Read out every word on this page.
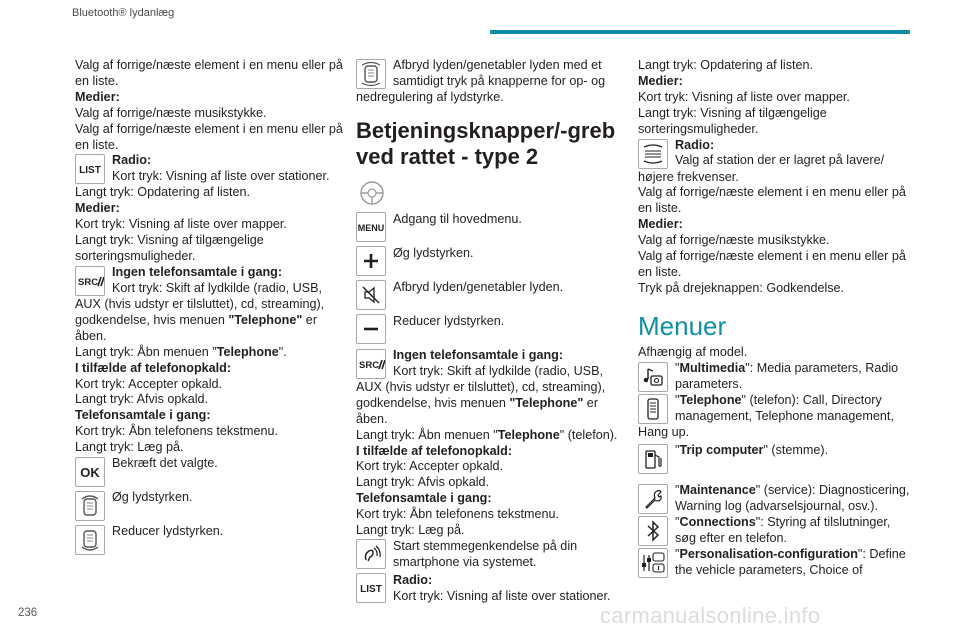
Bluetooth® lydanlæg
236	carmanualsonline.info

Valg af forrige/næste element i en menu eller på

en liste.

Medier:

Valg af forrige/næste musikstykke.

Valg af forrige/næste element i en menu eller på

en liste.

LIST

Radio:

Kort tryk: Visning af liste over stationer.

Langt tryk: Opdatering af listen.

Medier:

Kort tryk: Visning af liste over mapper.

Langt tryk: Visning af tilgængelige

sorteringsmuligheder.

SRC

Ingen telefonsamtale i gang:

Kort tryk: Skift af lydkilde (radio, USB,

AUX (hvis udstyr er tilsluttet), cd, streaming),

godkendelse, hvis menuen "Telephone" er

åben.

Langt tryk: Åbn menuen "Telephone".

I tilfælde af telefonopkald:

Kort tryk: Accepter opkald.

Langt tryk: Afvis opkald.

Telefonsamtale i gang:

Kort tryk: Åbn telefonens tekstmenu.

Langt tryk: Læg på.

OK

Bekræft det valgte.

Øg lydstyrken.

Reducer lydstyrken.

Afbryd lyden/genetabler lyden med et

samtidigt tryk på knapperne for op- og

nedregulering af lydstyrke.

Betjeningsknapper/-greb
ved rattet - type 2
MENU

Adgang til hovedmenu.

Øg lydstyrken.

Afbryd lyden/genetabler lyden.

Reducer lydstyrken.

SRC

Ingen telefonsamtale i gang:

Kort tryk: Skift af lydkilde (radio, USB,

AUX (hvis udstyr er tilsluttet), cd, streaming),

godkendelse, hvis menuen "Telephone" er

åben.

Langt tryk: Åbn menuen "Telephone" (telefon).

I tilfælde af telefonopkald:

Kort tryk: Accepter opkald.

Langt tryk: Afvis opkald.

Telefonsamtale i gang:

Kort tryk: Åbn telefonens tekstmenu.

Langt tryk: Læg på.

Start stemmegenkendelse på din

smartphone via systemet.

LIST

Radio:

Kort tryk: Visning af liste over stationer.

Langt tryk: Opdatering af listen.

Medier:

Kort tryk: Visning af liste over mapper.

Langt tryk: Visning af tilgængelige

sorteringsmuligheder.

Radio:

Valg af station der er lagret på lavere/

højere frekvenser.

Valg af forrige/næste element i en menu eller på

en liste.

Medier:

Valg af forrige/næste musikstykke.

Valg af forrige/næste element i en menu eller på

en liste.

Tryk på drejeknappen: Godkendelse.

Menuer

Afhængig af model.

"Multimedia": Media parameters, Radio

parameters.

"Telephone" (telefon): Call, Directory

management, Telephone management,

Hang up.

"Trip computer" (stemme).

"Maintenance" (service): Diagnosticering,

Warning log (advarselsjournal, osv.).

"Connections": Styring af tilslutninger,

søg efter en telefon.

"Personalisation-configuration": Define

the vehicle parameters, Choice of
